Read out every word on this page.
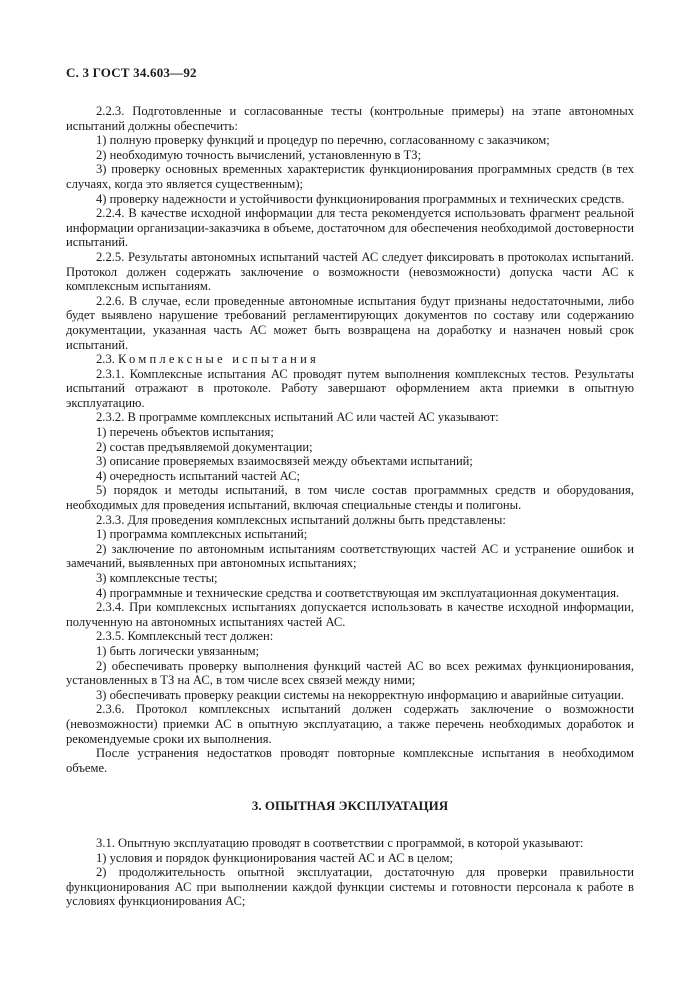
С. 3 ГОСТ 34.603—92

2.2.3. Подготовленные и согласованные тесты (контрольные примеры) на этапе автономных испытаний должны обеспечить:

1) полную проверку функций и процедур по перечню, согласованному с заказчиком;

2) необходимую точность вычислений, установленную в ТЗ;

3) проверку основных временных характеристик функционирования программных средств (в тех случаях, когда это является существенным);

4) проверку надежности и устойчивости функционирования программных и технических средств.

2.2.4. В качестве исходной информации для теста рекомендуется использовать фрагмент реальной информации организации-заказчика в объеме, достаточном для обеспечения необходимой достоверности испытаний.

2.2.5. Результаты автономных испытаний частей АС следует фиксировать в протоколах испытаний. Протокол должен содержать заключение о возможности (невозможности) допуска части АС к комплексным испытаниям.

2.2.6. В случае, если проведенные автономные испытания будут признаны недостаточными, либо будет выявлено нарушение требований регламентирующих документов по составу или содержанию документации, указанная часть АС может быть возвращена на доработку и назначен новый срок испытаний.

2.3. Комплексные испытания

2.3.1. Комплексные испытания АС проводят путем выполнения комплексных тестов. Результаты испытаний отражают в протоколе. Работу завершают оформлением акта приемки в опытную эксплуатацию.

2.3.2. В программе комплексных испытаний АС или частей АС указывают:

1) перечень объектов испытания;

2) состав предъявляемой документации;

3) описание проверяемых взаимосвязей между объектами испытаний;

4) очередность испытаний частей АС;

5) порядок и методы испытаний, в том числе состав программных средств и оборудования, необходимых для проведения испытаний, включая специальные стенды и полигоны.

2.3.3. Для проведения комплексных испытаний должны быть представлены:

1) программа комплексных испытаний;

2) заключение по автономным испытаниям соответствующих частей АС и устранение ошибок и замечаний, выявленных при автономных испытаниях;

3) комплексные тесты;

4) программные и технические средства и соответствующая им эксплуатационная документация.

2.3.4. При комплексных испытаниях допускается использовать в качестве исходной информации, полученную на автономных испытаниях частей АС.

2.3.5. Комплексный тест должен:

1) быть логически увязанным;

2) обеспечивать проверку выполнения функций частей АС во всех режимах функционирования, установленных в ТЗ на АС, в том числе всех связей между ними;

3) обеспечивать проверку реакции системы на некорректную информацию и аварийные ситуации.

2.3.6. Протокол комплексных испытаний должен содержать заключение о возможности (невозможности) приемки АС в опытную эксплуатацию, а также перечень необходимых доработок и рекомендуемые сроки их выполнения.

После устранения недостатков проводят повторные комплексные испытания в необходимом объеме.

3. ОПЫТНАЯ ЭКСПЛУАТАЦИЯ

3.1. Опытную эксплуатацию проводят в соответствии с программой, в которой указывают:

1) условия и порядок функционирования частей АС и АС в целом;

2) продолжительность опытной эксплуатации, достаточную для проверки правильности функционирования АС при выполнении каждой функции системы и готовности персонала к работе в условиях функционирования АС;
